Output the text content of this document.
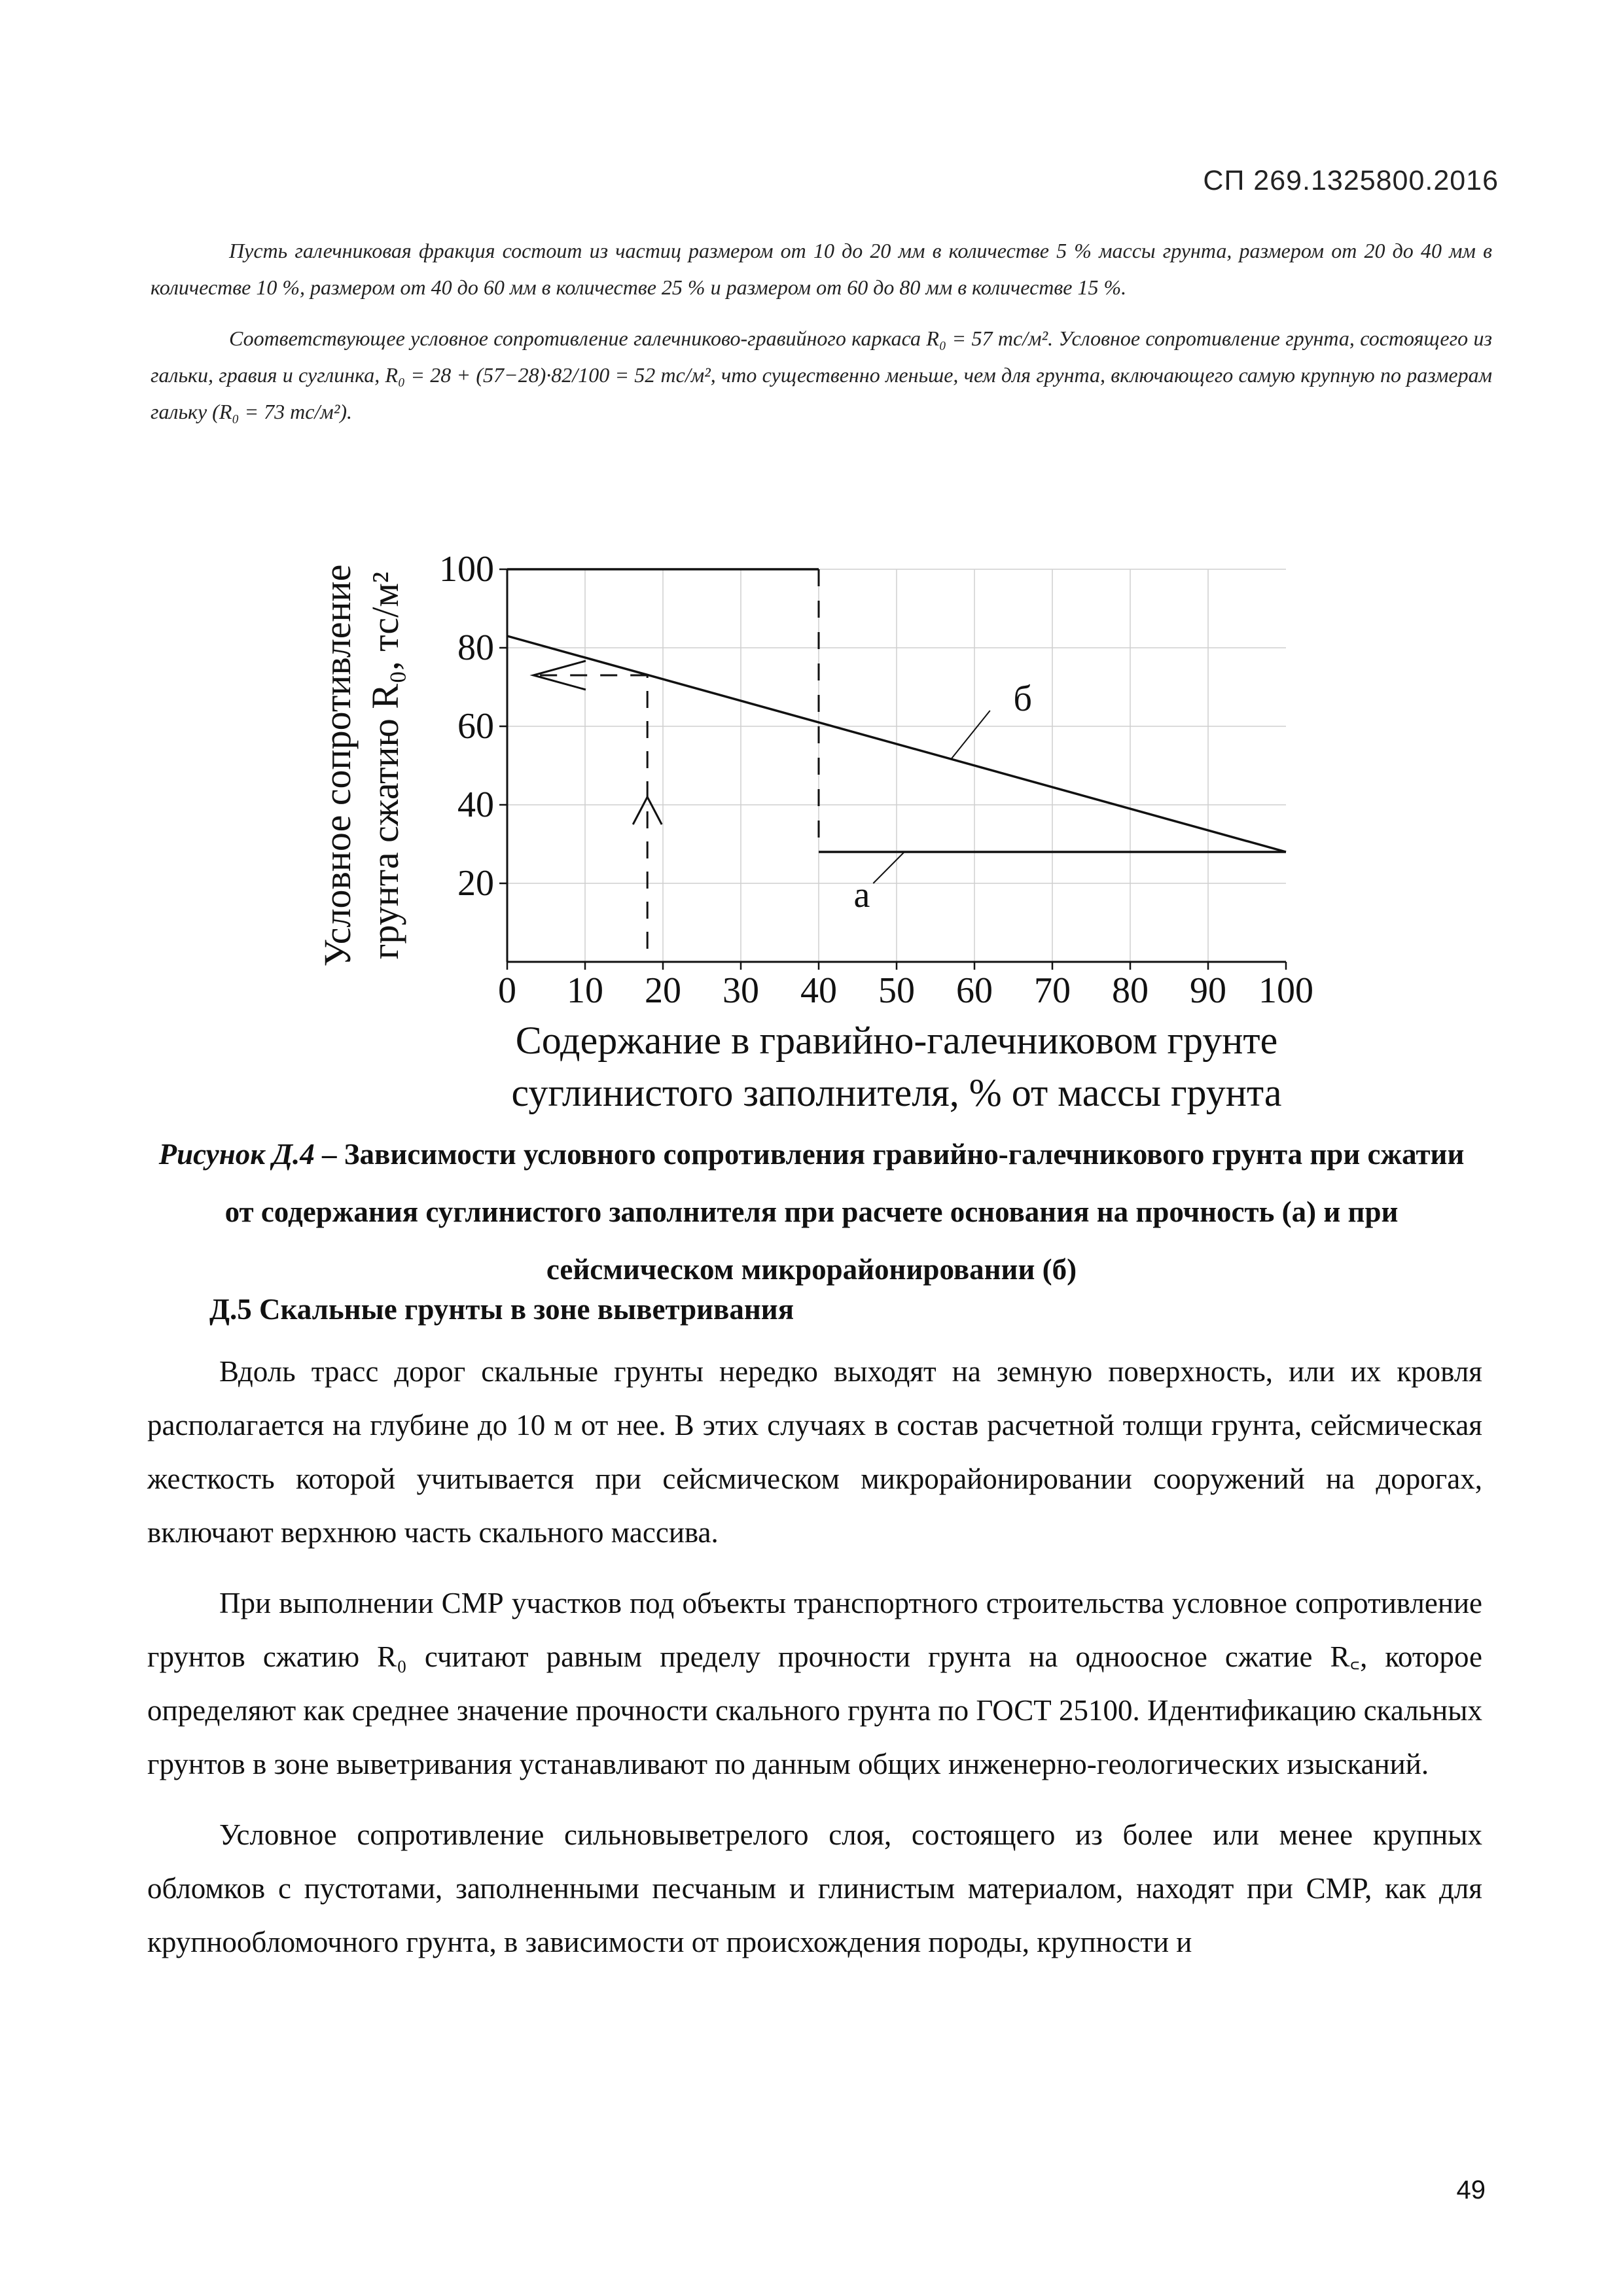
СП 269.1325800.2016

Пусть галечниковая фракция состоит из частиц размером от 10 до 20 мм в количестве 5 % массы грунта, размером от 20 до 40 мм в количестве 10 %, размером от 40 до 60 мм в количестве 25 % и размером от 60 до 80 мм в количестве 15 %.

Соответствующее условное сопротивление галечниково-гравийного каркаса R₀ = 57 тс/м². Условное сопротивление грунта, состоящего из гальки, гравия и суглинка, R₀ = 28 + (57−28)·82/100 = 52 тс/м², что существенно меньше, чем для грунта, включающего самую крупную по размерам гальку (R₀ = 73 тс/м²).

0 10 20 30 40 50 60 70 80 90 100
20
40
60
80
100
б
а
Условное сопротивление грунта сжатию R₀, тс/м²
Содержание в гравийно-галечниковом грунте
суглинистого заполнителя, % от массы грунта
Рисунок Д.4 – Зависимости условного сопротивления гравийно-галечникового грунта при сжатии от содержания суглинистого заполнителя при расчете основания на прочность (а) и при сейсмическом микрорайонировании (б)
Д.5 Скальные грунты в зоне выветривания

Вдоль трасс дорог скальные грунты нередко выходят на земную поверхность, или их кровля располагается на глубине до 10 м от нее. В этих случаях в состав расчетной толщи грунта, сейсмическая жесткость которой учитывается при сейсмическом микрорайонировании сооружений на дорогах, включают верхнюю часть скального массива.

При выполнении СМР участков под объекты транспортного строительства условное сопротивление грунтов сжатию R₀ считают равным пределу прочности грунта на одноосное сжатие R꜀, которое определяют как среднее значение прочности скального грунта по ГОСТ 25100. Идентификацию скальных грунтов в зоне выветривания устанавливают по данным общих инженерно-геологических изысканий.

Условное сопротивление сильновыветрелого слоя, состоящего из более или менее крупных обломков с пустотами, заполненными песчаным и глинистым материалом, находят при СМР, как для крупнообломочного грунта, в зависимости от происхождения породы, крупности и

49
